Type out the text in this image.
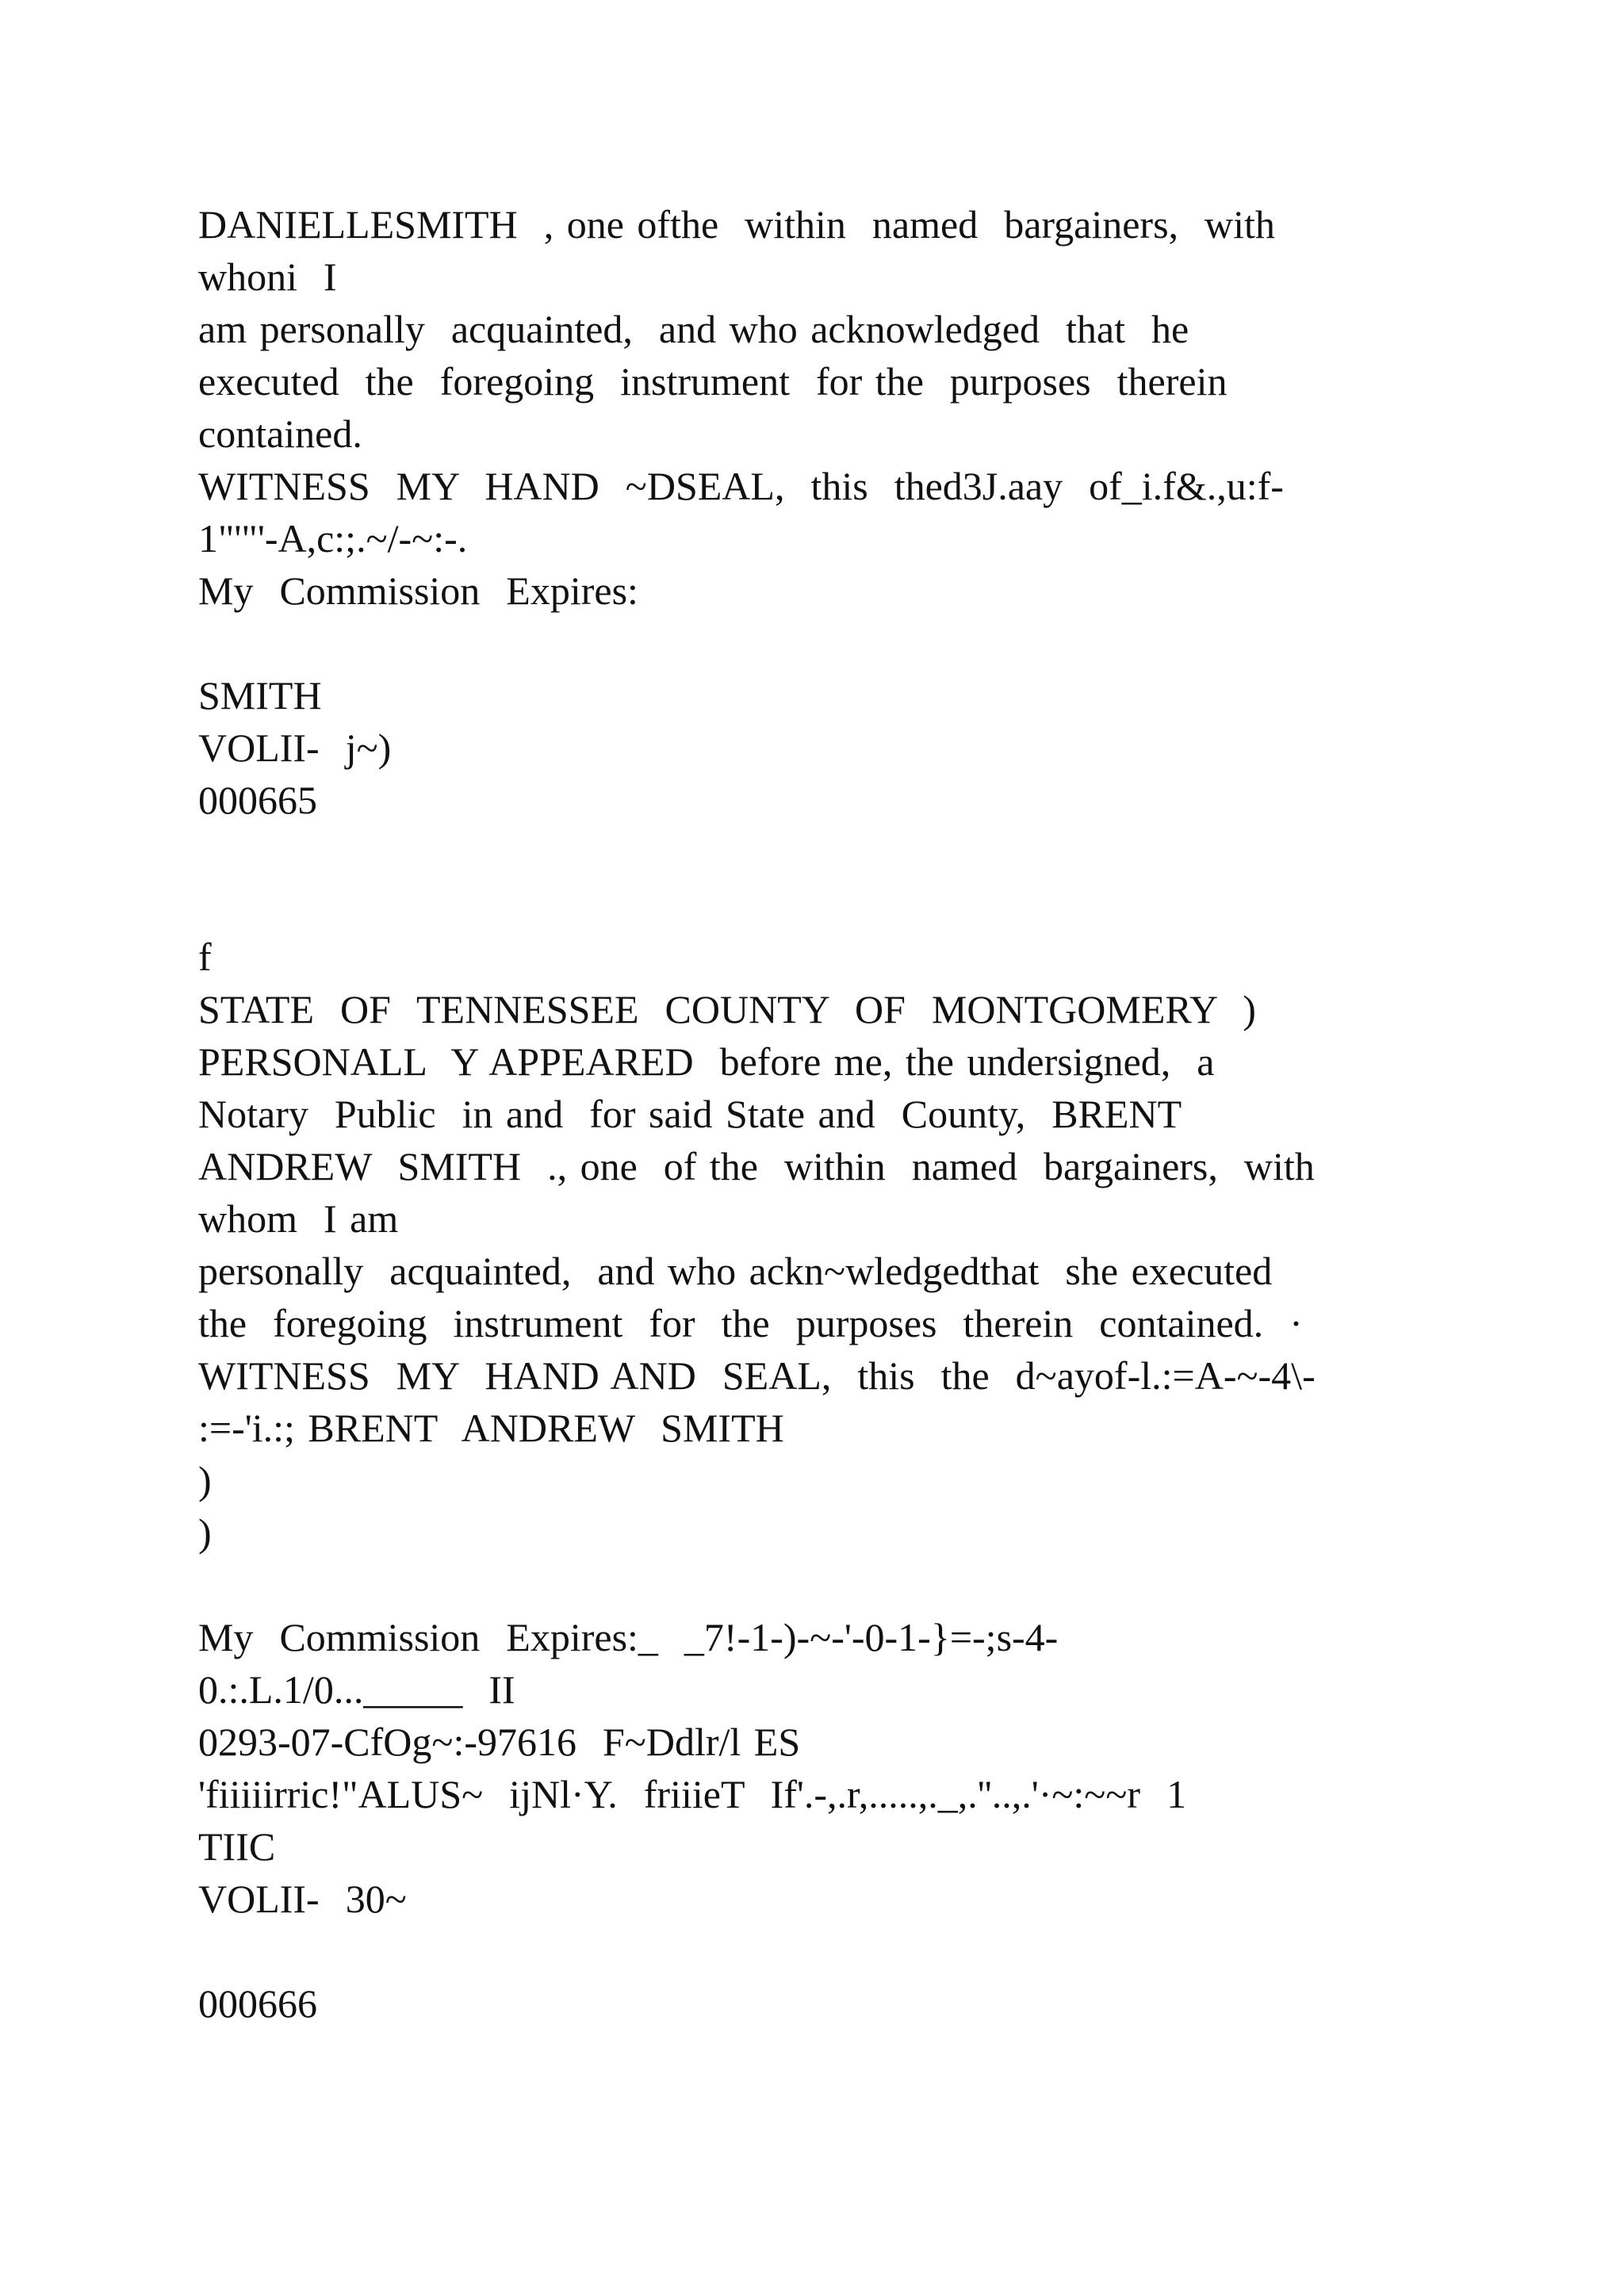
DANIELLESMITH  , one ofthe  within  named  bargainers,  with

whoni  I

am personally  acquainted,  and who acknowledged  that  he

executed  the  foregoing  instrument  for the  purposes  therein

contained.

WITNESS  MY  HAND  ~DSEAL,  this  thed3J.aay  of_i.f&.,u:f-

1"'"'-A,c:;.~/-~:-.

My  Commission  Expires:

SMITH

VOLII-  j~)

000665

f

STATE  OF  TENNESSEE  COUNTY  OF  MONTGOMERY  )

PERSONALL  Y APPEARED  before me, the undersigned,  a

Notary  Public  in and  for said State and  County,  BRENT

ANDREW  SMITH  ., one  of the  within  named  bargainers,  with

whom  I am

personally  acquainted,  and who ackn~wledgedthat  she executed

the  foregoing  instrument  for  the  purposes  therein  contained.  ·

WITNESS  MY  HAND AND  SEAL,  this  the  d~ayof-l.:=A-~-4\-

:=-'i.:; BRENT  ANDREW  SMITH

)

)

My  Commission  Expires:_  _7!-1-)-~-'-0-1-}=-;s-4-

0.:.L.1/0..._____  II

0293-07-CfOg~:-97616  F~Ddlr/l ES

'fiiiiirric!"ALUS~  ijNl·Y.  friiieT  If'.-,.r,.....,._,.''..,.'·~:~~r  1

TIIC

VOLII-  30~

000666
